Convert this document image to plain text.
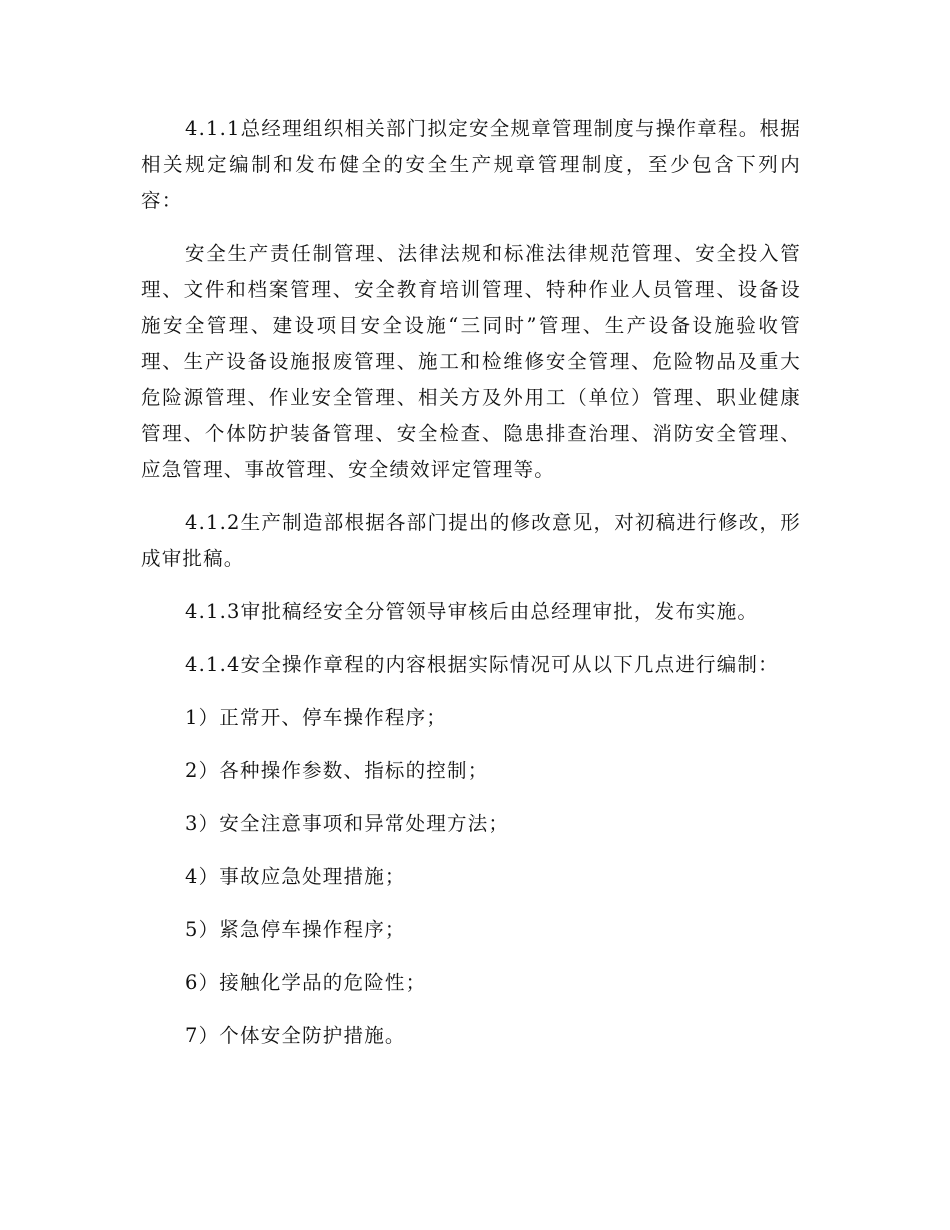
4.1.1总经理组织相关部门拟定安全规章管理制度与操作章程。根据相关规定编制和发布健全的安全生产规章管理制度，至少包含下列内容：

安全生产责任制管理、法律法规和标准法律规范管理、安全投入管理、文件和档案管理、安全教育培训管理、特种作业人员管理、设备设施安全管理、建设项目安全设施“三同时”管理、生产设备设施验收管理、生产设备设施报废管理、施工和检维修安全管理、危险物品及重大危险源管理、作业安全管理、相关方及外用工（单位）管理、职业健康管理、个体防护装备管理、安全检查、隐患排查治理、消防安全管理、应急管理、事故管理、安全绩效评定管理等。

4.1.2生产制造部根据各部门提出的修改意见，对初稿进行修改，形成审批稿。

4.1.3审批稿经安全分管领导审核后由总经理审批，发布实施。

4.1.4安全操作章程的内容根据实际情况可从以下几点进行编制：

1）正常开、停车操作程序；

2）各种操作参数、指标的控制；

3）安全注意事项和异常处理方法；

4）事故应急处理措施；

5）紧急停车操作程序；

6）接触化学品的危险性；

7）个体安全防护措施。
